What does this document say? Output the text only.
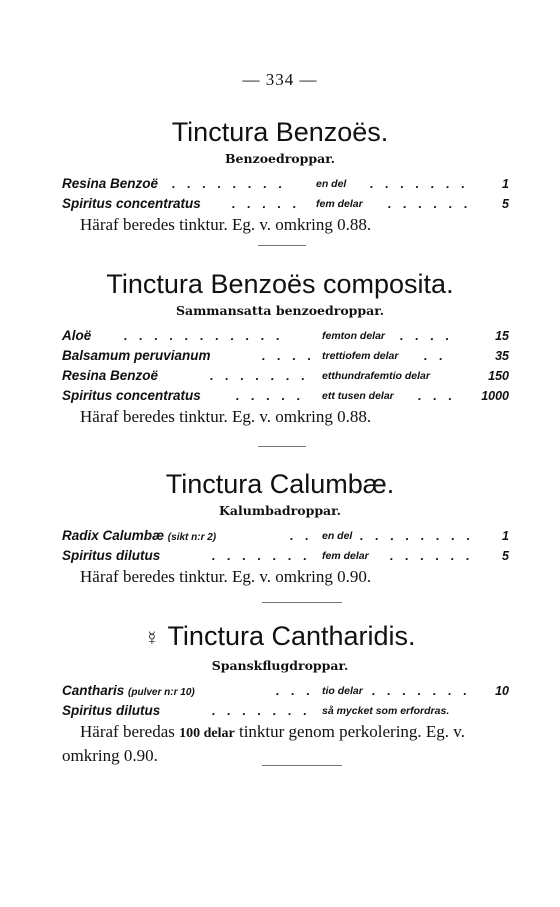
— 334 —
Tinctura Benzoës.
Benzoedroppar.
Resina Benzoë . . . . . . . .	en del . . . . . . .	1
Spiritus concentratus . . . . . fem delar . . . . . . 5
Häraf beredes tinktur. Eg. v. omkring 0.88.
Tinctura Benzoës composita.
Sammansatta benzoedroppar.
Aloë	. . . . . . . . . . .	femton delar . . . .	15
Balsamum peruvianum	. . . . trettiofem delar . .	35
Resina Benzoë	. . . . . . . etthundrafemtio delar	150
Spiritus concentratus	. . . . . ett tusen delar . . . 1000
Häraf beredes tinktur. Eg. v. omkring 0.88.
Tinctura Calumbæ.
Kalumbadroppar.
Radix Calumbæ (sikt n:r 2)	. . en del . . . . . . . . 1
Spiritus dilutus	. . . . . . . fem delar . . . . . . 5
Häraf beredes tinktur. Eg. v. omkring 0.90.
☿ Tinctura Cantharidis.
Spanskflugdroppar.
Cantharis (pulver n:r 10)	. . . tio delar . . . . . . . 10
Spiritus dilutus	. . . . . . . så mycket som erfordras.
Häraf beredas 100 delar tinktur genom perkolering. Eg. v. omkring 0.90.
